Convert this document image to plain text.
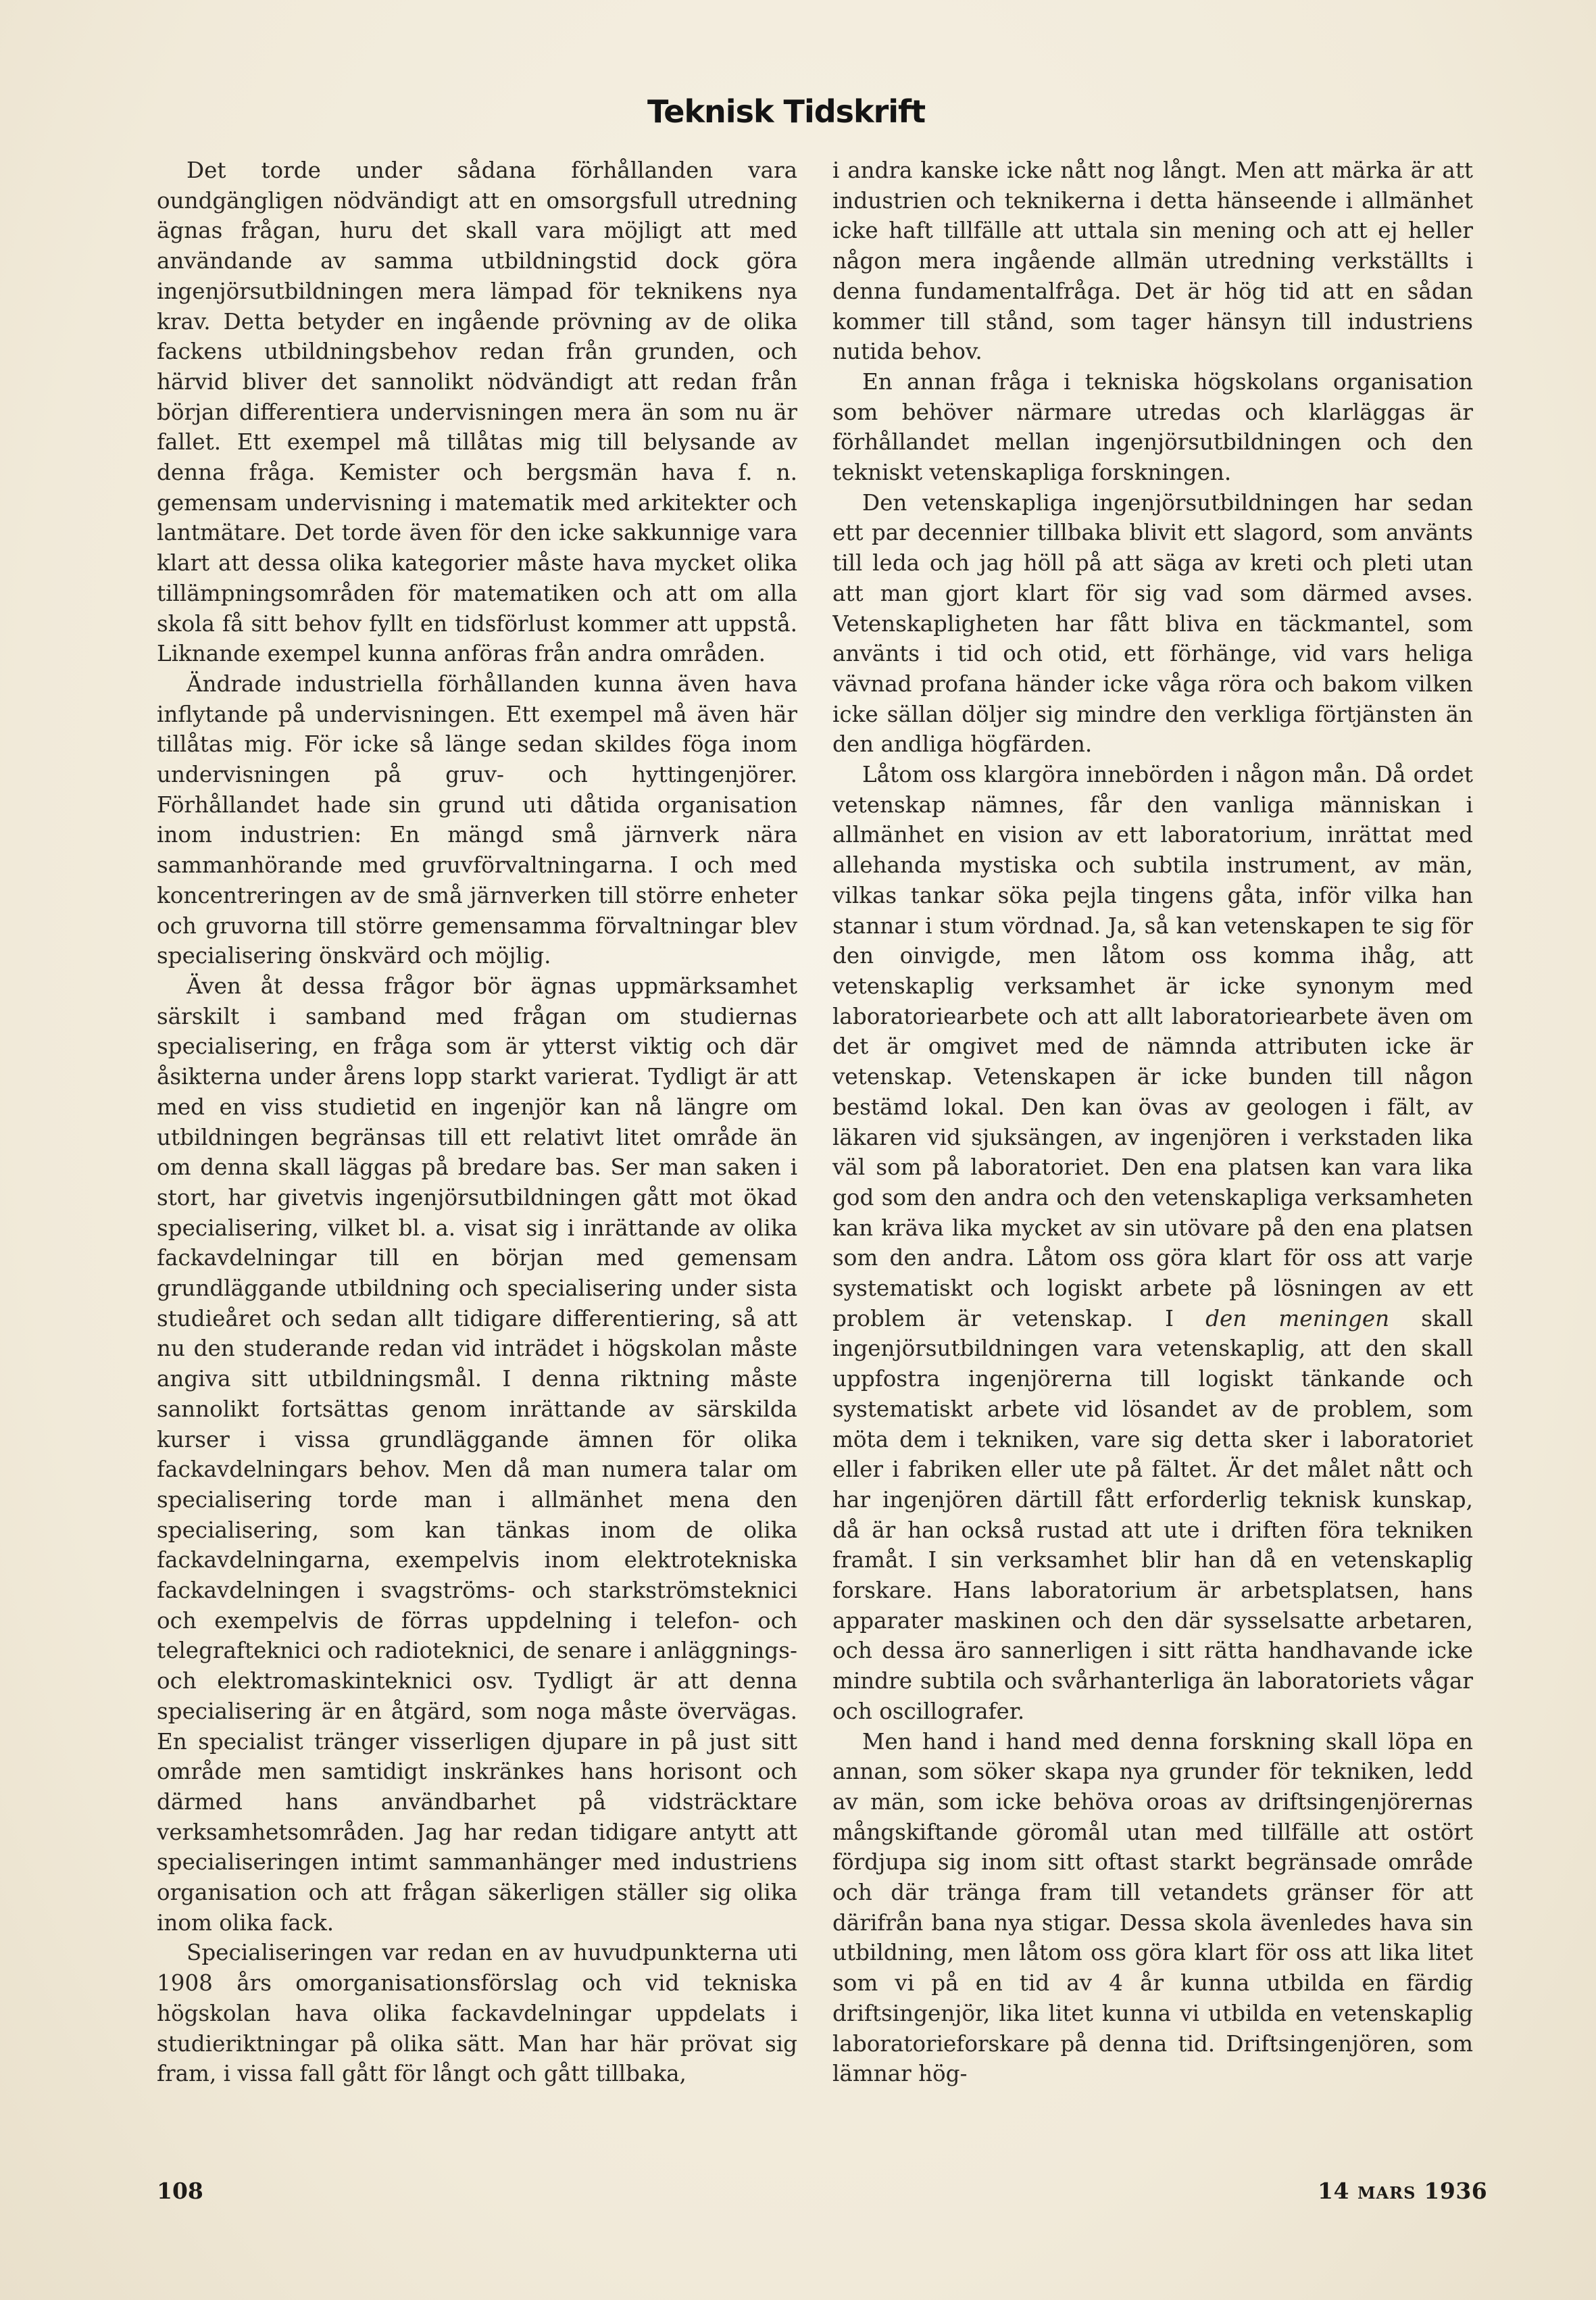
Teknisk Tidskrift

Det torde under sådana förhållanden vara oundgängligen nödvändigt att en omsorgsfull utredning ägnas frågan, huru det skall vara möjligt att med användande av samma utbildningstid dock göra ingenjörsutbildningen mera lämpad för teknikens nya krav. Detta betyder en ingående prövning av de olika fackens utbildningsbehov redan från grunden, och härvid bliver det sannolikt nödvändigt att redan från början differentiera undervisningen mera än som nu är fallet. Ett exempel må tillåtas mig till belysande av denna fråga. Kemister och bergsmän hava f. n. gemensam undervisning i matematik med arkitekter och lantmätare. Det torde även för den icke sakkunnige vara klart att dessa olika kategorier måste hava mycket olika tillämpningsområden för matematiken och att om alla skola få sitt behov fyllt en tidsförlust kommer att uppstå. Liknande exempel kunna anföras från andra områden.

Ändrade industriella förhållanden kunna även hava inflytande på undervisningen. Ett exempel må även här tillåtas mig. För icke så länge sedan skildes föga inom undervisningen på gruv- och hyttingenjörer. Förhållandet hade sin grund uti dåtida organisation inom industrien: En mängd små järnverk nära sammanhörande med gruvförvaltningarna. I och med koncentreringen av de små järnverken till större enheter och gruvorna till större gemensamma förvaltningar blev specialisering önskvärd och möjlig.

Även åt dessa frågor bör ägnas uppmärksamhet särskilt i samband med frågan om studiernas specialisering, en fråga som är ytterst viktig och där åsikterna under årens lopp starkt varierat. Tydligt är att med en viss studietid en ingenjör kan nå längre om utbildningen begränsas till ett relativt litet område än om denna skall läggas på bredare bas. Ser man saken i stort, har givetvis ingenjörsutbildningen gått mot ökad specialisering, vilket bl. a. visat sig i inrättande av olika fackavdelningar till en början med gemensam grundläggande utbildning och specialisering under sista studieåret och sedan allt tidigare differentiering, så att nu den studerande redan vid inträdet i högskolan måste angiva sitt utbildningsmål. I denna riktning måste sannolikt fortsättas genom inrättande av särskilda kurser i vissa grundläggande ämnen för olika fackavdelningars behov. Men då man numera talar om specialisering torde man i allmänhet mena den specialisering, som kan tänkas inom de olika fackavdelningarna, exempelvis inom elektrotekniska fackavdelningen i svagströms- och starkströmsteknici och exempelvis de förras uppdelning i telefon- och telegrafteknici och radioteknici, de senare i anläggnings- och elektromaskinteknici osv. Tydligt är att denna specialisering är en åtgärd, som noga måste övervägas. En specialist tränger visserligen djupare in på just sitt område men samtidigt inskränkes hans horisont och därmed hans användbarhet på vidsträcktare verksamhetsområden. Jag har redan tidigare antytt att specialiseringen intimt sammanhänger med industriens organisation och att frågan säkerligen ställer sig olika inom olika fack.

Specialiseringen var redan en av huvudpunkterna uti 1908 års omorganisationsförslag och vid tekniska högskolan hava olika fackavdelningar uppdelats i studieriktningar på olika sätt. Man har här prövat sig fram, i vissa fall gått för långt och gått tillbaka,

i andra kanske icke nått nog långt. Men att märka är att industrien och teknikerna i detta hänseende i allmänhet icke haft tillfälle att uttala sin mening och att ej heller någon mera ingående allmän utredning verkställts i denna fundamentalfråga. Det är hög tid att en sådan kommer till stånd, som tager hänsyn till industriens nutida behov.

En annan fråga i tekniska högskolans organisation som behöver närmare utredas och klarläggas är förhållandet mellan ingenjörsutbildningen och den tekniskt vetenskapliga forskningen.

Den vetenskapliga ingenjörsutbildningen har sedan ett par decennier tillbaka blivit ett slagord, som använts till leda och jag höll på att säga av kreti och pleti utan att man gjort klart för sig vad som därmed avses. Vetenskapligheten har fått bliva en täckmantel, som använts i tid och otid, ett förhänge, vid vars heliga vävnad profana händer icke våga röra och bakom vilken icke sällan döljer sig mindre den verkliga förtjänsten än den andliga högfärden.

Låtom oss klargöra innebörden i någon mån. Då ordet vetenskap nämnes, får den vanliga människan i allmänhet en vision av ett laboratorium, inrättat med allehanda mystiska och subtila instrument, av män, vilkas tankar söka pejla tingens gåta, inför vilka han stannar i stum vördnad. Ja, så kan vetenskapen te sig för den oinvigde, men låtom oss komma ihåg, att vetenskaplig verksamhet är icke synonym med laboratoriearbete och att allt laboratoriearbete även om det är omgivet med de nämnda attributen icke är vetenskap. Vetenskapen är icke bunden till någon bestämd lokal. Den kan övas av geologen i fält, av läkaren vid sjuksängen, av ingenjören i verkstaden lika väl som på laboratoriet. Den ena platsen kan vara lika god som den andra och den vetenskapliga verksamheten kan kräva lika mycket av sin utövare på den ena platsen som den andra. Låtom oss göra klart för oss att varje systematiskt och logiskt arbete på lösningen av ett problem är vetenskap. I den meningen skall ingenjörsutbildningen vara vetenskaplig, att den skall uppfostra ingenjörerna till logiskt tänkande och systematiskt arbete vid lösandet av de problem, som möta dem i tekniken, vare sig detta sker i laboratoriet eller i fabriken eller ute på fältet. Är det målet nått och har ingenjören därtill fått erforderlig teknisk kunskap, då är han också rustad att ute i driften föra tekniken framåt. I sin verksamhet blir han då en vetenskaplig forskare. Hans laboratorium är arbetsplatsen, hans apparater maskinen och den där sysselsatte arbetaren, och dessa äro sannerligen i sitt rätta handhavande icke mindre subtila och svårhanterliga än laboratoriets vågar och oscillografer.

Men hand i hand med denna forskning skall löpa en annan, som söker skapa nya grunder för tekniken, ledd av män, som icke behöva oroas av driftsingenjörernas mångskiftande göromål utan med tillfälle att ostört fördjupa sig inom sitt oftast starkt begränsade område och där tränga fram till vetandets gränser för att därifrån bana nya stigar. Dessa skola ävenledes hava sin utbildning, men låtom oss göra klart för oss att lika litet som vi på en tid av 4 år kunna utbilda en färdig driftsingenjör, lika litet kunna vi utbilda en vetenskaplig laboratorieforskare på denna tid. Driftsingenjören, som lämnar hög-

108	14 MARS 1936
